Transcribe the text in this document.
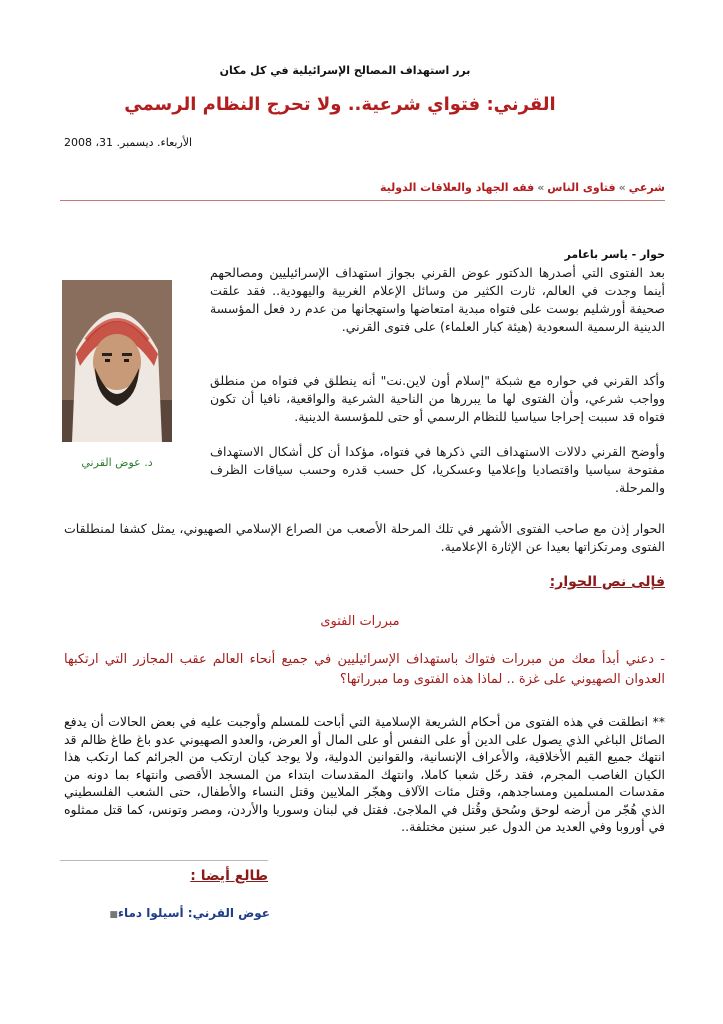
برر استهداف المصالح الإسرائيلية في كل مكان
القرني: فتواي شرعية.. ولا تحرج النظام الرسمي
الأربعاء. ديسمبر. 31، 2008
شرعي»فتاوى الناس»فقه الجهاد والعلاقات الدولية
حوار - ياسر باعامر
د. عوض القرني
بعد الفتوى التي أصدرها الدكتور عوض القرني بجواز استهداف الإسرائيليين ومصالحهم أينما وجدت في العالم، ثارت الكثير من وسائل الإعلام الغربية واليهودية.. فقد علقت صحيفة أورشليم بوست على فتواه مبدية امتعاضها واستهجانها من عدم رد فعل المؤسسة الدينية الرسمية السعودية (هيئة كبار العلماء) على فتوى القرني.
وأكد القرني في حواره مع شبكة "إسلام أون لاين.نت" أنه ينطلق في فتواه من منطلق وواجب شرعي، وأن الفتوى لها ما يبررها من الناحية الشرعية والواقعية، نافيا أن تكون فتواه قد سببت إحراجا سياسيا للنظام الرسمي أو حتى للمؤسسة الدينية.
وأوضح القرني دلالات الاستهداف التي ذكرها في فتواه، مؤكدا أن كل أشكال الاستهداف مفتوحة سياسيا واقتصاديا وإعلاميا وعسكريا، كل حسب قدره وحسب سياقات الظرف والمرحلة.
الحوار إذن مع صاحب الفتوى الأشهر في تلك المرحلة الأصعب من الصراع الإسلامي الصهيوني، يمثل كشفا لمنطلقات الفتوى ومرتكزاتها بعيدا عن الإثارة الإعلامية.
فإلى نص الحوار:
مبررات الفتوى
- دعني أبدأ معك من مبررات فتواك باستهداف الإسرائيليين في جميع أنحاء العالم عقب المجازر التي ارتكبها العدوان الصهيوني على غزة .. لماذا هذه الفتوى وما مبرراتها؟
** انطلقت في هذه الفتوى من أحكام الشريعة الإسلامية التي أباحت للمسلم وأوجبت عليه في بعض الحالات أن يدفع الصائل الباغي الذي يصول على الدين أو على النفس أو على المال أو العرض، والعدو الصهيوني عدو باغ طاغ ظالم قد انتهك جميع القيم الأخلاقية، والأعراف الإنسانية، والقوانين الدولية، ولا يوجد كيان ارتكب من الجرائم كما ارتكب هذا الكيان الغاصب المجرم، فقد رحّل شعبا كاملا، وانتهك المقدسات ابتداء من المسجد الأقصى وانتهاء بما دونه من مقدسات المسلمين ومساجدهم، وقتل مئات الآلاف وهجّر الملايين وقتل النساء والأطفال، حتى الشعب الفلسطيني الذي هُجّر من أرضه لوحق وسُحق وقُتل في الملاجئ. فقتل في لبنان وسوريا والأردن، ومصر وتونس، كما قتل ممثلوه في أوروبا وفي العديد من الدول عبر سنين مختلفة..
طالع أيضا :
عوض القرني: أسيلوا دماء■
